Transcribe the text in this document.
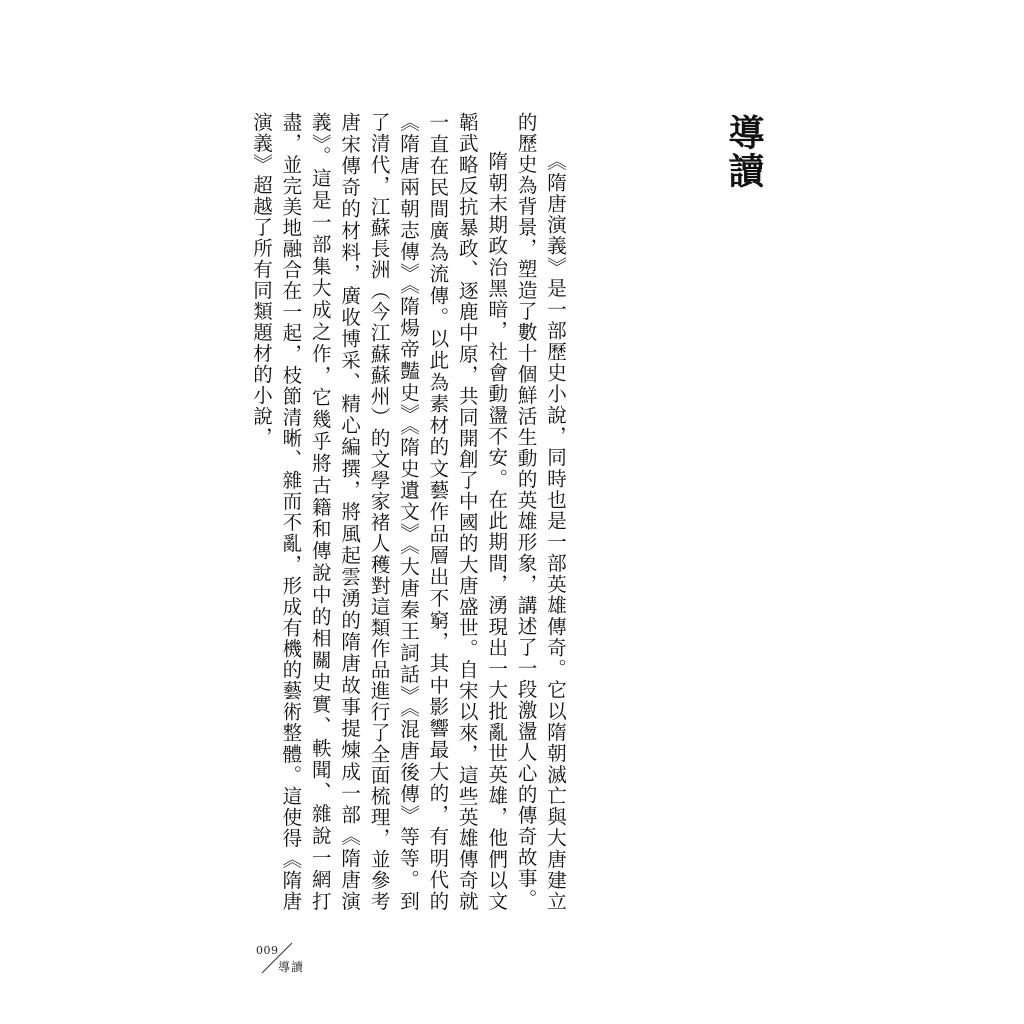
導讀

《隋唐演義》是一部歷史小說，同時也是一部英雄傳奇。它以隋朝滅亡與大唐建立的歷史為背景，塑造了數十個鮮活生動的英雄形象，講述了一段激盪人心的傳奇故事。

隋朝末期政治黑暗，社會動盪不安。在此期間，湧現出一大批亂世英雄，他們以文韜武略反抗暴政、逐鹿中原，共同開創了中國的大唐盛世。自宋以來，這些英雄傳奇就一直在民間廣為流傳。以此為素材的文藝作品層出不窮，其中影響最大的，有明代的《隋唐兩朝志傳》《隋煬帝豔史》《隋史遺文》《大唐秦王詞話》《混唐後傳》等等。到了清代，江蘇長洲（今江蘇蘇州）的文學家褚人穫對這類作品進行了全面梳理，並參考唐宋傳奇的材料，廣收博采、精心編撰，將風起雲湧的隋唐故事提煉成一部《隋唐演義》。這是一部集大成之作，它幾乎將古籍和傳說中的相關史實、軼聞、雜說一網打盡，並完美地融合在一起，枝節清晰、雜而不亂，形成有機的藝術整體。這使得《隋唐演義》超越了所有同類題材的小說，

009
導讀
